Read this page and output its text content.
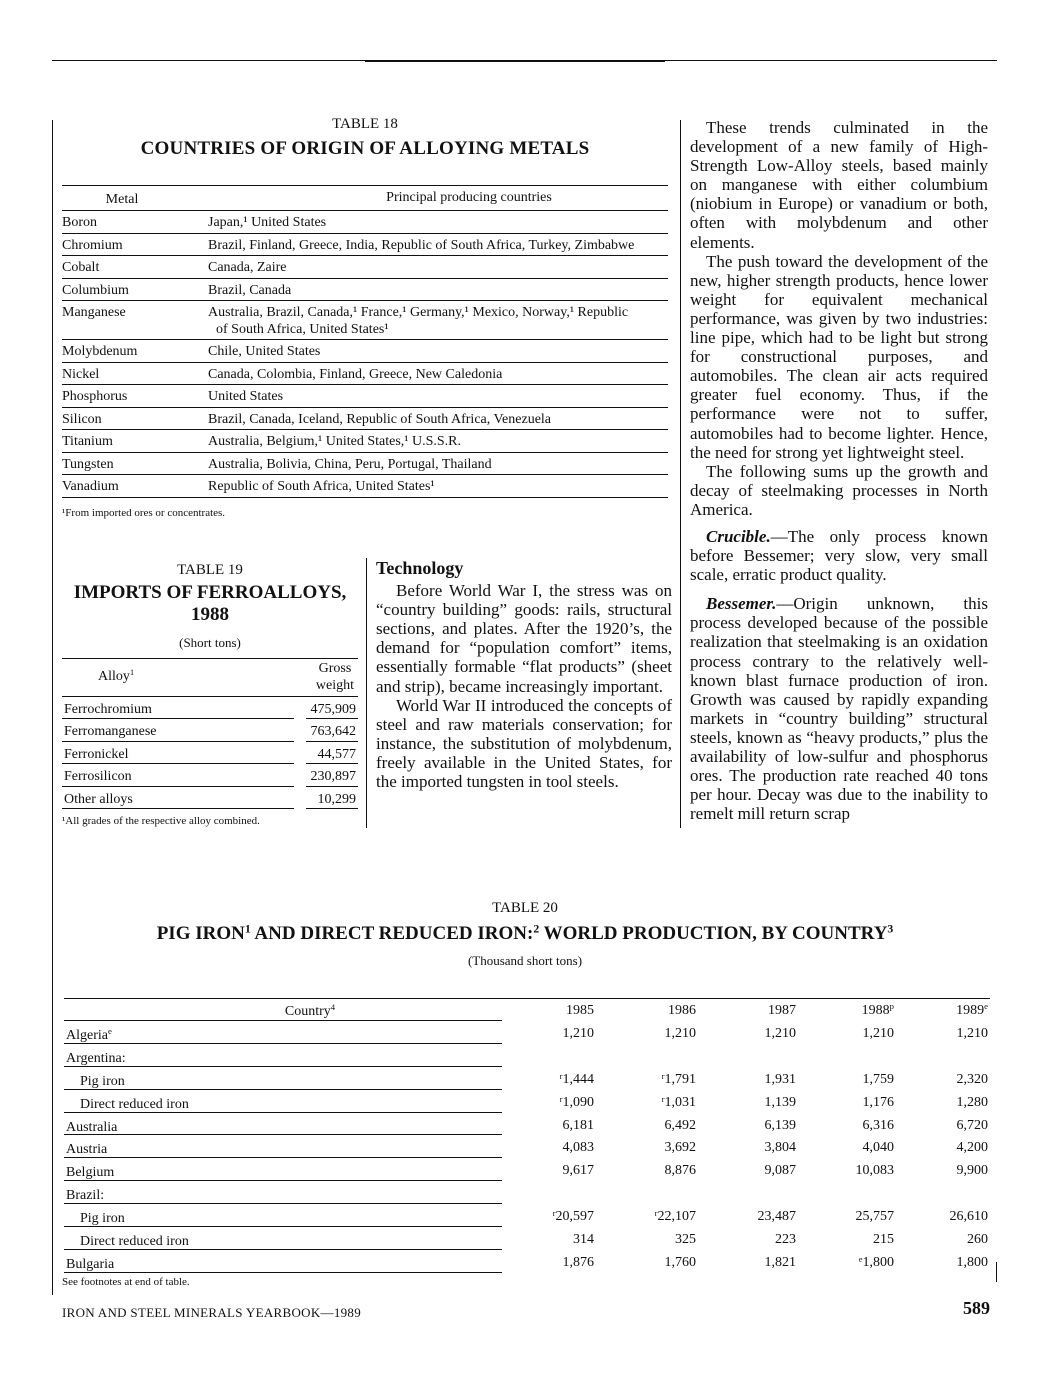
TABLE 18
COUNTRIES OF ORIGIN OF ALLOYING METALS
Metal	Principal producing countries
Boron	Japan,¹ United States
Chromium	Brazil, Finland, Greece, India, Republic of South Africa, Turkey, Zimbabwe
Cobalt	Canada, Zaire
Columbium	Brazil, Canada
Manganese	Australia, Brazil, Canada,¹ France,¹ Germany,¹ Mexico, Norway,¹ Republic
of South Africa, United States¹
Molybdenum	Chile, United States
Nickel	Canada, Colombia, Finland, Greece, New Caledonia
Phosphorus	United States
Silicon	Brazil, Canada, Iceland, Republic of South Africa, Venezuela
Titanium	Australia, Belgium,¹ United States,¹ U.S.S.R.
Tungsten	Australia, Bolivia, China, Peru, Portugal, Thailand
Vanadium	Republic of South Africa, United States¹
¹From imported ores or concentrates.
TABLE 19
IMPORTS OF FERROALLOYS, 1988
(Short tons)
Alloy$^1$	Gross
weight
Ferrochromium	475,909
Ferromanganese	763,642
Ferronickel	44,577
Ferrosilicon	230,897
Other alloys	10,299
¹All grades of the respective alloy combined.
Technology

Before World War I, the stress was on “country building” goods: rails, structural sections, and plates. After the 1920’s, the demand for “population comfort” items, essentially formable “flat products” (sheet and strip), became increasingly important.

World War II introduced the concepts of steel and raw materials conservation; for instance, the substitution of molybdenum, freely available in the United States, for the imported tungsten in tool steels.

These trends culminated in the development of a new family of High-Strength Low-Alloy steels, based mainly on manganese with either columbium (niobium in Europe) or vanadium or both, often with molybdenum and other elements.

The push toward the development of the new, higher strength products, hence lower weight for equivalent mechanical performance, was given by two industries: line pipe, which had to be light but strong for constructional purposes, and automobiles. The clean air acts required greater fuel economy. Thus, if the performance were not to suffer, automobiles had to become lighter. Hence, the need for strong yet lightweight steel.

The following sums up the growth and decay of steelmaking processes in North America.

Crucible.—The only process known before Bessemer; very slow, very small scale, erratic product quality.

Bessemer.—Origin unknown, this process developed because of the possible realization that steelmaking is an oxidation process contrary to the relatively well-known blast furnace production of iron. Growth was caused by rapidly expanding markets in “country building” structural steels, known as “heavy products,” plus the availability of low-sulfur and phosphorus ores. The production rate reached 40 tons per hour. Decay was due to the inability to remelt mill return scrap

TABLE 20
PIG IRON$^1$ AND DIRECT REDUCED IRON:$^2$ WORLD PRODUCTION, BY COUNTRY$^3$
(Thousand short tons)
Country$^4$	1985	1986	1987	1988$^p$	1989e
Algeria$^e$	1,210	1,210	1,210	1,210	1,210
Argentina:
Pig iron	ʳ1,444	ʳ1,791	1,931	1,759	2,320
Direct reduced iron	ʳ1,090	ʳ1,031	1,139	1,176	1,280
Australia	6,181	6,492	6,139	6,316	6,720
Austria	4,083	3,692	3,804	4,040	4,200
Belgium	9,617	8,876	9,087	10,083	9,900
Brazil:
Pig iron	ʳ20,597	ʳ22,107	23,487	25,757	26,610
Direct reduced iron	314	325	223	215	260
Bulgaria	1,876	1,760	1,821	ᵉ1,800	1,800
See footnotes at end of table.
IRON AND STEEL MINERALS YEARBOOK—1989	589
